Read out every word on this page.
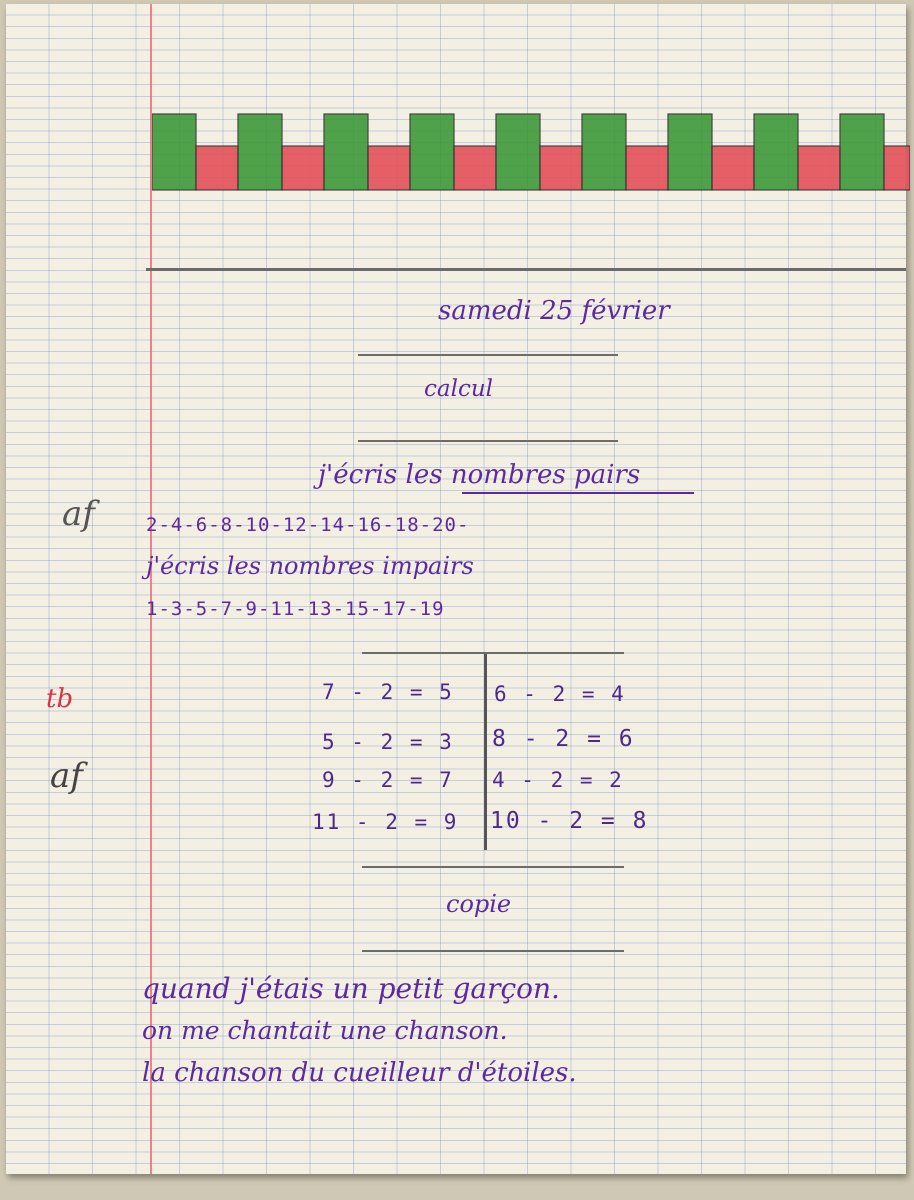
samedi 25 février
calcul
j'écris les nombres pairs
2-4-6-8-10-12-14-16-18-20-
j'écris les nombres impairs
1-3-5-7-9-11-13-15-17-19
7 - 2 = 5
5 - 2 = 3
9 - 2 = 7
11 - 2 = 9
6 - 2 = 4
8 - 2 = 6
4 - 2 = 2
10 - 2 = 8
copie
quand j'étais un petit garçon.
on me chantait une chanson.
la chanson du cueilleur d'étoiles.
af
tb
af
